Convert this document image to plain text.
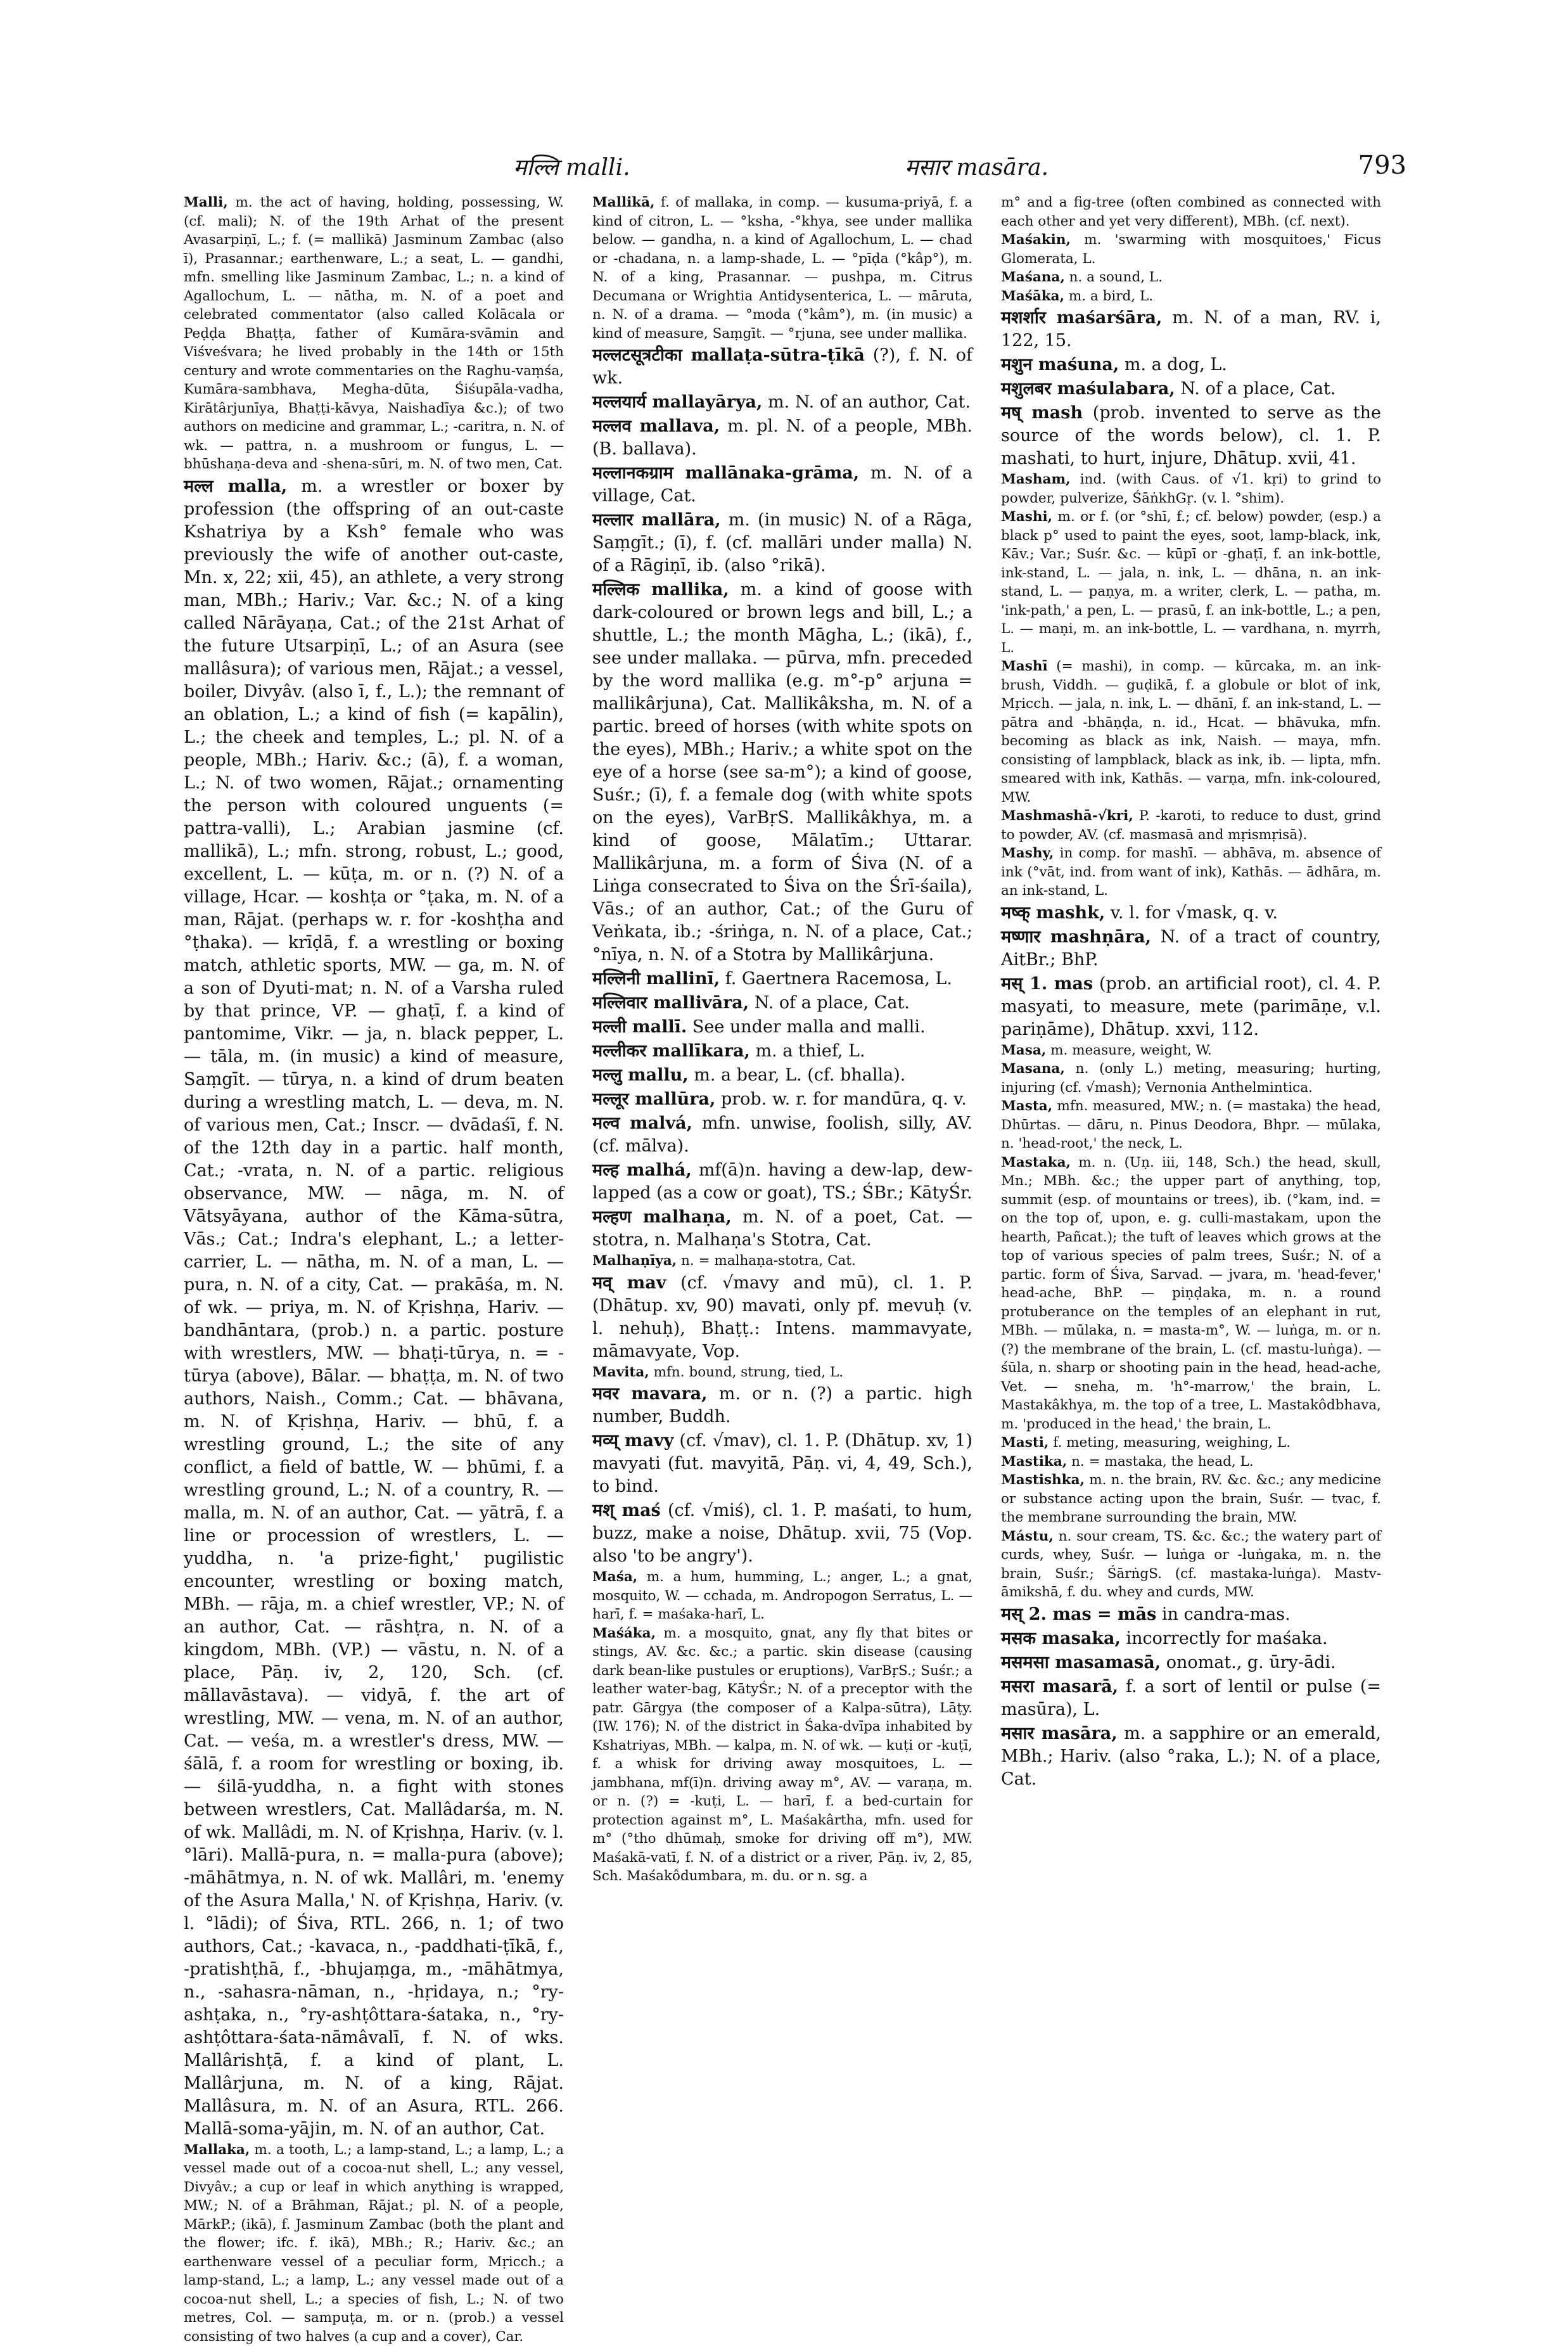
मल्लि malli.	मसार masāra.	793

Malli, m. the act of having, holding, possessing, W. (cf. mali); N. of the 19th Arhat of the present Avasarpiṇī, L.; f. (= mallikā) Jasminum Zambac (also ī), Prasannar.; earthenware, L.; a seat, L. — gandhi, mfn. smelling like Jasminum Zambac, L.; n. a kind of Agallochum, L. — nātha, m. N. of a poet and celebrated commentator (also called Kolācala or Peḍḍa Bhaṭṭa, father of Kumāra-svāmin and Viśveśvara; he lived probably in the 14th or 15th century and wrote commentaries on the Raghu-vaṃśa, Kumāra-sambhava, Megha-dūta, Śiśupāla-vadha, Kirātârjunīya, Bhaṭṭi-kāvya, Naishadīya &c.); of two authors on medicine and grammar, L.; -caritra, n. N. of wk. — pattra, n. a mushroom or fungus, L. — bhūshaṇa-deva and -shena-sūri, m. N. of two men, Cat.

मल्ल malla, m. a wrestler or boxer by profession (the offspring of an out-caste Kshatriya by a Ksh° female who was previously the wife of another out-caste, Mn. x, 22; xii, 45), an athlete, a very strong man, MBh.; Hariv.; Var. &c.; N. of a king called Nārāyaṇa, Cat.; of the 21st Arhat of the future Utsarpiṇī, L.; of an Asura (see mallâsura); of various men, Rājat.; a vessel, boiler, Divyâv. (also ī, f., L.); the remnant of an oblation, L.; a kind of fish (= kapālin), L.; the cheek and temples, L.; pl. N. of a people, MBh.; Hariv. &c.; (ā), f. a woman, L.; N. of two women, Rājat.; ornamenting the person with coloured unguents (= pattra-valli), L.; Arabian jasmine (cf. mallikā), L.; mfn. strong, robust, L.; good, excellent, L. — kūṭa, m. or n. (?) N. of a village, Hcar. — koshṭa or °ṭaka, m. N. of a man, Rājat. (perhaps w. r. for -koshṭha and °ṭhaka). — krīḍā, f. a wrestling or boxing match, athletic sports, MW. — ga, m. N. of a son of Dyuti-mat; n. N. of a Varsha ruled by that prince, VP. — ghaṭī, f. a kind of pantomime, Vikr. — ja, n. black pepper, L. — tāla, m. (in music) a kind of measure, Saṃgīt. — tūrya, n. a kind of drum beaten during a wrestling match, L. — deva, m. N. of various men, Cat.; Inscr. — dvādaśī, f. N. of the 12th day in a partic. half month, Cat.; -vrata, n. N. of a partic. religious observance, MW. — nāga, m. N. of Vātsyāyana, author of the Kāma-sūtra, Vās.; Cat.; Indra's elephant, L.; a letter-carrier, L. — nātha, m. N. of a man, L. — pura, n. N. of a city, Cat. — prakāśa, m. N. of wk. — priya, m. N. of Kṛishṇa, Hariv. — bandhāntara, (prob.) n. a partic. posture with wrestlers, MW. — bhaṭi-tūrya, n. = -tūrya (above), Bālar. — bhaṭṭa, m. N. of two authors, Naish., Comm.; Cat. — bhāvana, m. N. of Kṛishṇa, Hariv. — bhū, f. a wrestling ground, L.; the site of any conflict, a field of battle, W. — bhūmi, f. a wrestling ground, L.; N. of a country, R. — malla, m. N. of an author, Cat. — yātrā, f. a line or procession of wrestlers, L. — yuddha, n. 'a prize-fight,' pugilistic encounter, wrestling or boxing match, MBh. — rāja, m. a chief wrestler, VP.; N. of an author, Cat. — rāshṭra, n. N. of a kingdom, MBh. (VP.) — vāstu, n. N. of a place, Pāṇ. iv, 2, 120, Sch. (cf. māllavāstava). — vidyā, f. the art of wrestling, MW. — vena, m. N. of an author, Cat. — veśa, m. a wrestler's dress, MW. — śālā, f. a room for wrestling or boxing, ib. — śilā-yuddha, n. a fight with stones between wrestlers, Cat. Mallâdarśa, m. N. of wk. Mallâdi, m. N. of Kṛishṇa, Hariv. (v. l. °lāri). Mallā-pura, n. = malla-pura (above); -māhātmya, n. N. of wk. Mallâri, m. 'enemy of the Asura Malla,' N. of Kṛishṇa, Hariv. (v. l. °lādi); of Śiva, RTL. 266, n. 1; of two authors, Cat.; -kavaca, n., -paddhati-ṭīkā, f., -pratishṭhā, f., -bhujaṃga, m., -māhātmya, n., -sahasra-nāman, n., -hṛidaya, n.; °ry-ashṭaka, n., °ry-ashṭôttara-śataka, n., °ry-ashṭôttara-śata-nāmâvalī, f. N. of wks. Mallârishṭā, f. a kind of plant, L. Mallârjuna, m. N. of a king, Rājat. Mallâsura, m. N. of an Asura, RTL. 266. Mallā-soma-yājin, m. N. of an author, Cat.

Mallaka, m. a tooth, L.; a lamp-stand, L.; a lamp, L.; a vessel made out of a cocoa-nut shell, L.; any vessel, Divyâv.; a cup or leaf in which anything is wrapped, MW.; N. of a Brāhman, Rājat.; pl. N. of a people, MārkP.; (ikā), f. Jasminum Zambac (both the plant and the flower; ifc. f. ikā), MBh.; R.; Hariv. &c.; an earthenware vessel of a peculiar form, Mṛicch.; a lamp-stand, L.; a lamp, L.; any vessel made out of a cocoa-nut shell, L.; a species of fish, L.; N. of two metres, Col. — sampuṭa, m. or n. (prob.) a vessel consisting of two halves (a cup and a cover), Car.

Mallikā, f. of mallaka, in comp. — kusuma-priyā, f. a kind of citron, L. — °ksha, -°khya, see under mallika below. — gandha, n. a kind of Agallochum, L. — chad or -chadana, n. a lamp-shade, L. — °pīḍa (°kâp°), m. N. of a king, Prasannar. — pushpa, m. Citrus Decumana or Wrightia Antidysenterica, L. — māruta, n. N. of a drama. — °moda (°kâm°), m. (in music) a kind of measure, Saṃgīt. — °rjuna, see under mallika.

मल्लटसूत्रटीका mallaṭa-sūtra-ṭīkā (?), f. N. of wk.

मल्लयार्य mallayārya, m. N. of an author, Cat.

मल्लव mallava, m. pl. N. of a people, MBh. (B. ballava).

मल्लानकग्राम mallānaka-grāma, m. N. of a village, Cat.

मल्लार mallāra, m. (in music) N. of a Rāga, Saṃgīt.; (ī), f. (cf. mallāri under malla) N. of a Rāgiṇī, ib. (also °rikā).

मल्लिक mallika, m. a kind of goose with dark-coloured or brown legs and bill, L.; a shuttle, L.; the month Māgha, L.; (ikā), f., see under mallaka. — pūrva, mfn. preceded by the word mallika (e.g. m°-p° arjuna = mallikârjuna), Cat. Mallikâksha, m. N. of a partic. breed of horses (with white spots on the eyes), MBh.; Hariv.; a white spot on the eye of a horse (see sa-m°); a kind of goose, Suśr.; (ī), f. a female dog (with white spots on the eyes), VarBṛS. Mallikâkhya, m. a kind of goose, Mālatīm.; Uttarar. Mallikârjuna, m. a form of Śiva (N. of a Liṅga consecrated to Śiva on the Śrī-śaila), Vās.; of an author, Cat.; of the Guru of Veṅkata, ib.; -śriṅga, n. N. of a place, Cat.; °nīya, n. N. of a Stotra by Mallikârjuna.

मल्लिनी mallinī, f. Gaertnera Racemosa, L.

मल्लिवार mallivāra, N. of a place, Cat.

मल्ली mallī. See under malla and malli.

मल्लीकर mallīkara, m. a thief, L.

मल्लु mallu, m. a bear, L. (cf. bhalla).

मल्लूर mallūra, prob. w. r. for mandūra, q. v.

मल्व malvá, mfn. unwise, foolish, silly, AV. (cf. mālva).

मल्ह malhá, mf(ā)n. having a dew-lap, dew-lapped (as a cow or goat), TS.; ŚBr.; KātyŚr.

मल्हण malhaṇa, m. N. of a poet, Cat. — stotra, n. Malhaṇa's Stotra, Cat.

Malhaṇīya, n. = malhaṇa-stotra, Cat.

मव् mav (cf. √mavy and mū), cl. 1. P. (Dhātup. xv, 90) mavati, only pf. mevuḥ (v. l. nehuḥ), Bhaṭṭ.: Intens. mammavyate, māmavyate, Vop.

Mavita, mfn. bound, strung, tied, L.

मवर mavara, m. or n. (?) a partic. high number, Buddh.

मव्य् mavy (cf. √mav), cl. 1. P. (Dhātup. xv, 1) mavyati (fut. mavyitā, Pāṇ. vi, 4, 49, Sch.), to bind.

मश् maś (cf. √miś), cl. 1. P. maśati, to hum, buzz, make a noise, Dhātup. xvii, 75 (Vop. also 'to be angry').

Maśa, m. a hum, humming, L.; anger, L.; a gnat, mosquito, W. — cchada, m. Andropogon Serratus, L. — harī, f. = maśaka-harī, L.

Maśáka, m. a mosquito, gnat, any fly that bites or stings, AV. &c. &c.; a partic. skin disease (causing dark bean-like pustules or eruptions), VarBṛS.; Suśr.; a leather water-bag, KātyŚr.; N. of a preceptor with the patr. Gārgya (the composer of a Kalpa-sūtra), Lāṭy. (IW. 176); N. of the district in Śaka-dvīpa inhabited by Kshatriyas, MBh. — kalpa, m. N. of wk. — kuṭi or -kuṭī, f. a whisk for driving away mosquitoes, L. — jambhana, mf(ī)n. driving away m°, AV. — varaṇa, m. or n. (?) = -kuṭi, L. — harī, f. a bed-curtain for protection against m°, L. Maśakârtha, mfn. used for m° (°tho dhūmaḥ, smoke for driving off m°), MW. Maśakā-vatī, f. N. of a district or a river, Pāṇ. iv, 2, 85, Sch. Maśakôdumbara, m. du. or n. sg. a

m° and a fig-tree (often combined as connected with each other and yet very different), MBh. (cf. next).

Maśakin, m. 'swarming with mosquitoes,' Ficus Glomerata, L.

Maśana, n. a sound, L.

Maśāka, m. a bird, L.

मशर्शार maśarśāra, m. N. of a man, RV. i, 122, 15.

मशुन maśuna, m. a dog, L.

मशुलबर maśulabara, N. of a place, Cat.

मष् mash (prob. invented to serve as the source of the words below), cl. 1. P. mashati, to hurt, injure, Dhātup. xvii, 41.

Masham, ind. (with Caus. of √1. kṛi) to grind to powder, pulverize, ŚāṅkhGṛ. (v. l. °shim).

Mashi, m. or f. (or °shī, f.; cf. below) powder, (esp.) a black p° used to paint the eyes, soot, lamp-black, ink, Kāv.; Var.; Suśr. &c. — kūpī or -ghaṭī, f. an ink-bottle, ink-stand, L. — jala, n. ink, L. — dhāna, n. an ink-stand, L. — paṇya, m. a writer, clerk, L. — patha, m. 'ink-path,' a pen, L. — prasū, f. an ink-bottle, L.; a pen, L. — maṇi, m. an ink-bottle, L. — vardhana, n. myrrh, L.

Mashī (= mashi), in comp. — kūrcaka, m. an ink-brush, Viddh. — guḍikā, f. a globule or blot of ink, Mṛicch. — jala, n. ink, L. — dhānī, f. an ink-stand, L. — pātra and -bhāṇḍa, n. id., Hcat. — bhāvuka, mfn. becoming as black as ink, Naish. — maya, mfn. consisting of lampblack, black as ink, ib. — lipta, mfn. smeared with ink, Kathās. — varṇa, mfn. ink-coloured, MW.

Mashmashā-√kri, P. -karoti, to reduce to dust, grind to powder, AV. (cf. masmasā and mṛismṛisā).

Mashy, in comp. for mashī. — abhāva, m. absence of ink (°vāt, ind. from want of ink), Kathās. — ādhāra, m. an ink-stand, L.

मष्क् mashk, v. l. for √mask, q. v.

मष्णार mashṇāra, N. of a tract of country, AitBr.; BhP.

मस् 1. mas (prob. an artificial root), cl. 4. P. masyati, to measure, mete (parimāṇe, v.l. pariṇāme), Dhātup. xxvi, 112.

Masa, m. measure, weight, W.

Masana, n. (only L.) meting, measuring; hurting, injuring (cf. √mash); Vernonia Anthelmintica.

Masta, mfn. measured, MW.; n. (= mastaka) the head, Dhūrtas. — dāru, n. Pinus Deodora, Bhpr. — mūlaka, n. 'head-root,' the neck, L.

Mastaka, m. n. (Uṇ. iii, 148, Sch.) the head, skull, Mn.; MBh. &c.; the upper part of anything, top, summit (esp. of mountains or trees), ib. (°kam, ind. = on the top of, upon, e. g. culli-mastakam, upon the hearth, Pañcat.); the tuft of leaves which grows at the top of various species of palm trees, Suśr.; N. of a partic. form of Śiva, Sarvad. — jvara, m. 'head-fever,' head-ache, BhP. — piṇḍaka, m. n. a round protuberance on the temples of an elephant in rut, MBh. — mūlaka, n. = masta-m°, W. — luṅga, m. or n. (?) the membrane of the brain, L. (cf. mastu-luṅga). — śūla, n. sharp or shooting pain in the head, head-ache, Vet. — sneha, m. 'h°-marrow,' the brain, L. Mastakâkhya, m. the top of a tree, L. Mastakôdbhava, m. 'produced in the head,' the brain, L.

Masti, f. meting, measuring, weighing, L.

Mastika, n. = mastaka, the head, L.

Mastishka, m. n. the brain, RV. &c. &c.; any medicine or substance acting upon the brain, Suśr. — tvac, f. the membrane surrounding the brain, MW.

Mástu, n. sour cream, TS. &c. &c.; the watery part of curds, whey, Suśr. — luṅga or -luṅgaka, m. n. the brain, Suśr.; ŚārṅgS. (cf. mastaka-luṅga). Mastv-āmikshā, f. du. whey and curds, MW.

मस् 2. mas = mās in candra-mas.

मसक masaka, incorrectly for maśaka.

मसमसा masamasā, onomat., g. ūry-ādi.

मसरा masarā, f. a sort of lentil or pulse (= masūra), L.

मसार masāra, m. a sapphire or an emerald, MBh.; Hariv. (also °raka, L.); N. of a place, Cat.
